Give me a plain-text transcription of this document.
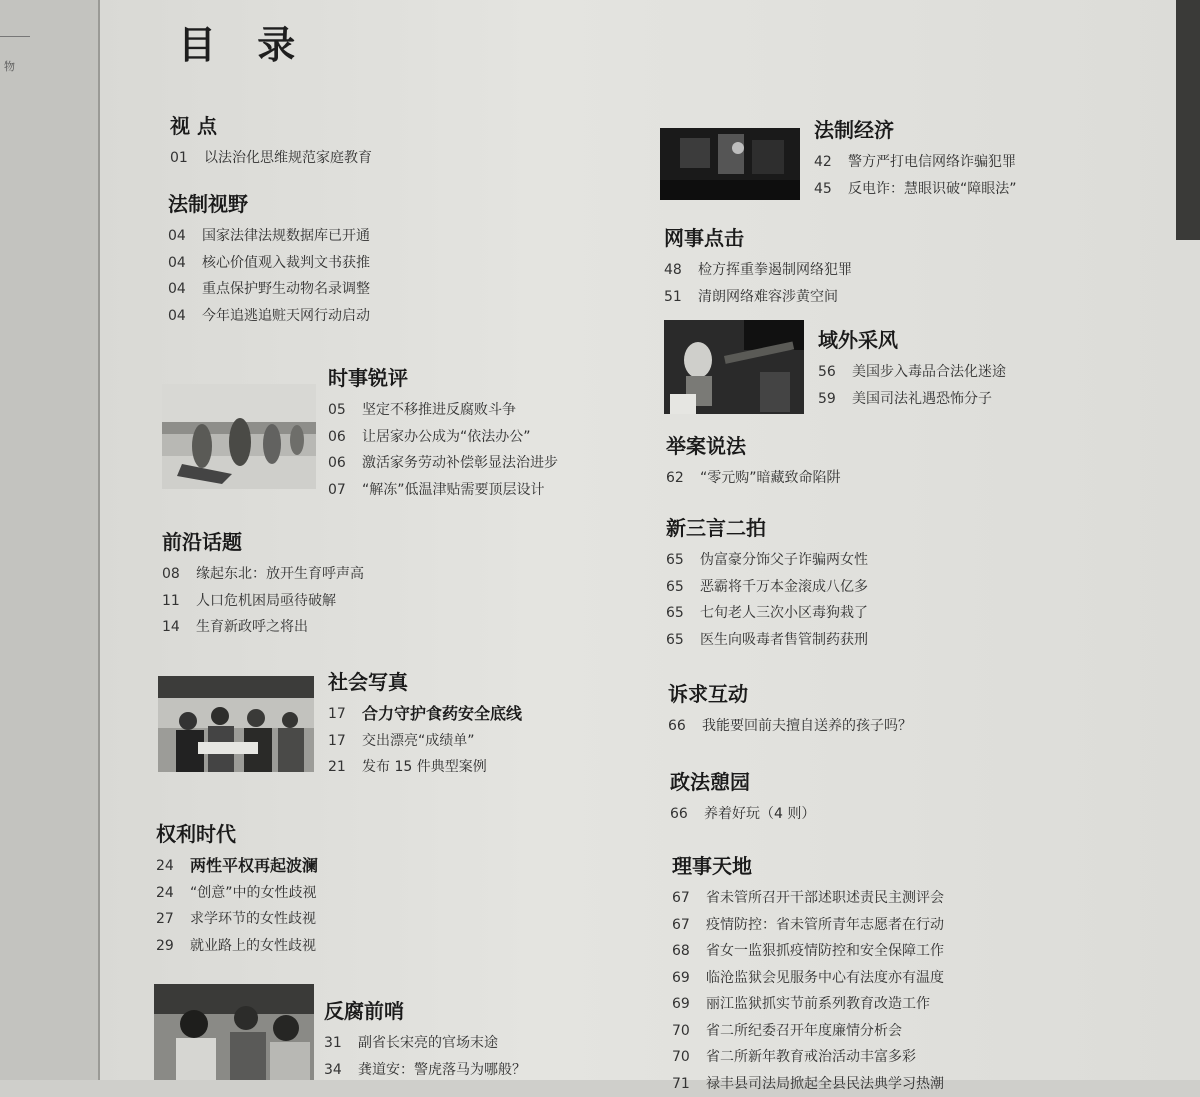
物	目 录
视 点
01	以法治化思维规范家庭教育
法制视野
04	国家法律法规数据库已开通
04	核心价值观入裁判文书获推
04	重点保护野生动物名录调整
04	今年追逃追赃天网行动启动
时事锐评
05	坚定不移推进反腐败斗争
06	让居家办公成为“依法办公”
06	激活家务劳动补偿彰显法治进步
07	“解冻”低温津贴需要顶层设计
前沿话题
08	缘起东北：放开生育呼声高
11	人口危机困局亟待破解
14	生育新政呼之将出
社会写真
17	合力守护食药安全底线
17	交出漂亮“成绩单”
21	发布 15 件典型案例
权利时代
24	两性平权再起波澜
24	“创意”中的女性歧视
27	求学环节的女性歧视
29	就业路上的女性歧视
反腐前哨
31	副省长宋亮的官场末途
34	龚道安：警虎落马为哪般？
法制经济
42	警方严打电信网络诈骗犯罪
45	反电诈：慧眼识破“障眼法”
网事点击
48	检方挥重拳遏制网络犯罪
51	清朗网络难容涉黄空间
域外采风
56	美国步入毒品合法化迷途
59	美国司法礼遇恐怖分子
举案说法
62	“零元购”暗藏致命陷阱
新三言二拍
65	伪富豪分饰父子诈骗两女性
65	恶霸将千万本金滚成八亿多
65	七旬老人三次小区毒狗栽了
65	医生向吸毒者售管制药获刑
诉求互动
66	我能要回前夫擅自送养的孩子吗？
政法憩园
66	养着好玩（4 则）
理事天地
67	省未管所召开干部述职述责民主测评会
67	疫情防控：省未管所青年志愿者在行动
68	省女一监狠抓疫情防控和安全保障工作
69	临沧监狱会见服务中心有法度亦有温度
69	丽江监狱抓实节前系列教育改造工作
70	省二所纪委召开年度廉情分析会
70	省二所新年教育戒治活动丰富多彩
71	禄丰县司法局掀起全县民法典学习热潮
